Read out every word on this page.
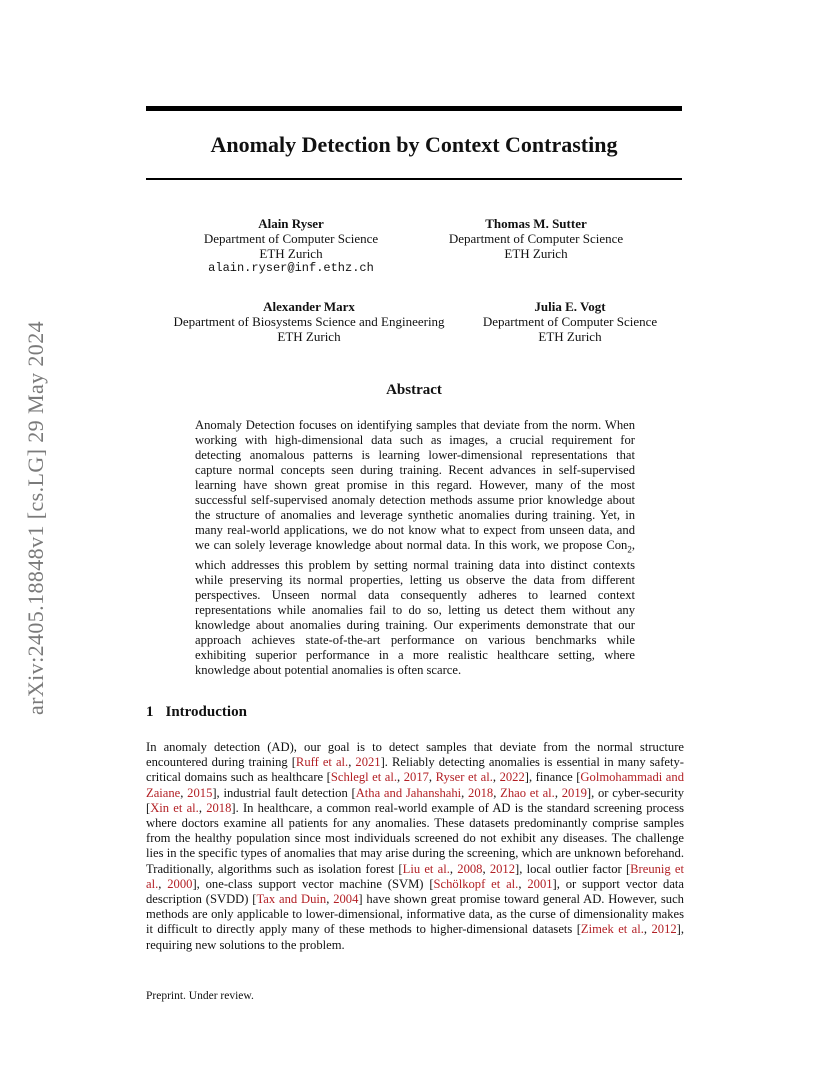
arXiv:2405.18848v1 [cs.LG] 29 May 2024
Anomaly Detection by Context Contrasting
Alain Ryser
Department of Computer Science
ETH Zurich
alain.ryser@inf.ethz.ch
Thomas M. Sutter
Department of Computer Science
ETH Zurich
Alexander Marx
Department of Biosystems Science and Engineering
ETH Zurich
Julia E. Vogt
Department of Computer Science
ETH Zurich
Abstract
Anomaly Detection focuses on identifying samples that deviate from the norm. When working with high-dimensional data such as images, a crucial requirement for detecting anomalous patterns is learning lower-dimensional representations that capture normal concepts seen during training. Recent advances in self-supervised learning have shown great promise in this regard. However, many of the most successful self-supervised anomaly detection methods assume prior knowledge about the structure of anomalies and leverage synthetic anomalies during training. Yet, in many real-world applications, we do not know what to expect from unseen data, and we can solely leverage knowledge about normal data. In this work, we propose Con$_2$, which addresses this problem by setting normal training data into distinct contexts while preserving its normal properties, letting us observe the data from different perspectives. Unseen normal data consequently adheres to learned context representations while anomalies fail to do so, letting us detect them without any knowledge about anomalies during training. Our experiments demonstrate that our approach achieves state-of-the-art performance on various benchmarks while exhibiting superior performance in a more realistic healthcare setting, where knowledge about potential anomalies is often scarce.
1 Introduction
In anomaly detection (AD), our goal is to detect samples that deviate from the normal structure encountered during training [Ruff et al., 2021]. Reliably detecting anomalies is essential in many safety-critical domains such as healthcare [Schlegl et al., 2017, Ryser et al., 2022], finance [Golmohammadi and Zaiane, 2015], industrial fault detection [Atha and Jahanshahi, 2018, Zhao et al., 2019], or cyber-security [Xin et al., 2018]. In healthcare, a common real-world example of AD is the standard screening process where doctors examine all patients for any anomalies. These datasets predominantly comprise samples from the healthy population since most individuals screened do not exhibit any diseases. The challenge lies in the specific types of anomalies that may arise during the screening, which are unknown beforehand. Traditionally, algorithms such as isolation forest [Liu et al., 2008, 2012], local outlier factor [Breunig et al., 2000], one-class support vector machine (SVM) [Schölkopf et al., 2001], or support vector data description (SVDD) [Tax and Duin, 2004] have shown great promise toward general AD. However, such methods are only applicable to lower-dimensional, informative data, as the curse of dimensionality makes it difficult to directly apply many of these methods to higher-dimensional datasets [Zimek et al., 2012], requiring new solutions to the problem.
Preprint. Under review.
